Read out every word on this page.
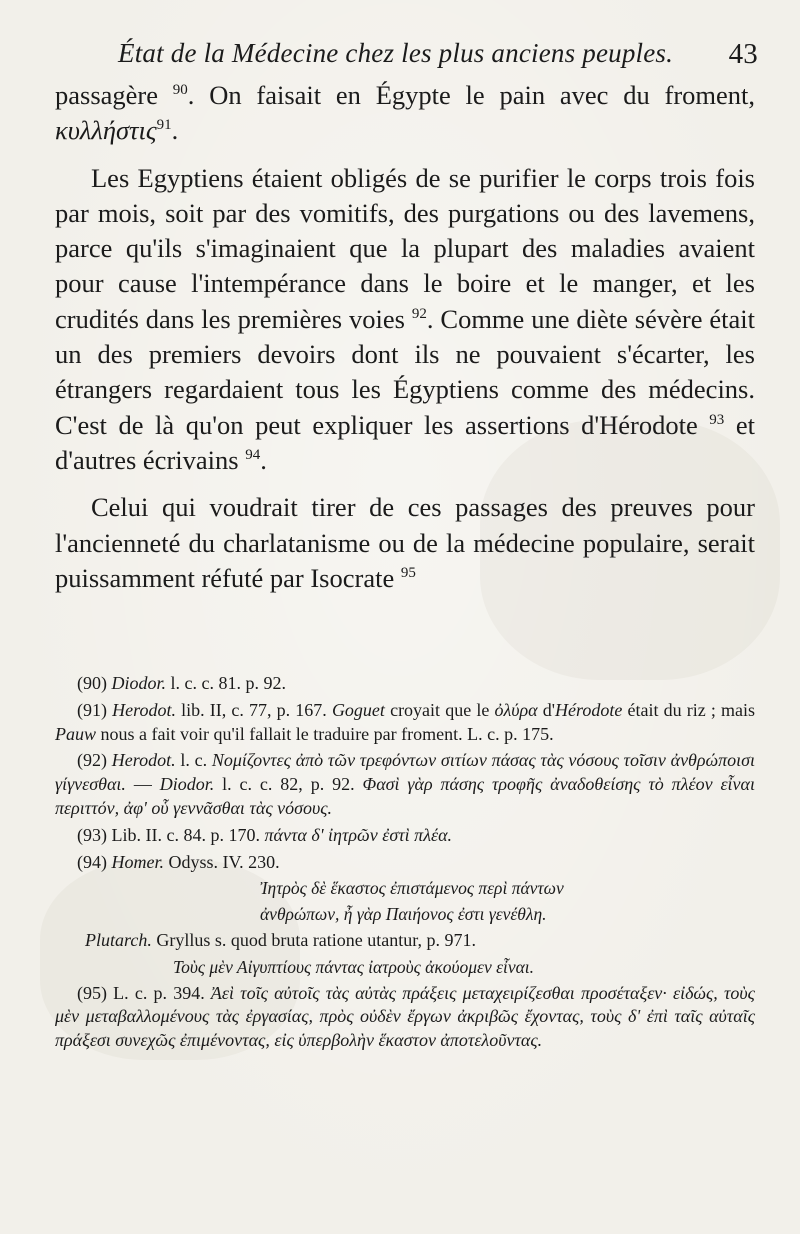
État de la Médecine chez les plus anciens peuples. 43

passagère $^{90}$. On faisait en Égypte le pain avec du froment, κυλλήστις$^{91}$.

Les Egyptiens étaient obligés de se purifier le corps trois fois par mois, soit par des vomitifs, des purgations ou des lavemens, parce qu'ils s'imaginaient que la plupart des maladies avaient pour cause l'intempérance dans le boire et le manger, et les crudités dans les premières voies $^{92}$. Comme une diète sévère était un des premiers devoirs dont ils ne pouvaient s'écarter, les étrangers regardaient tous les Égyptiens comme des médecins. C'est de là qu'on peut expliquer les assertions d'Hérodote $^{93}$ et d'autres écrivains $^{94}$.

Celui qui voudrait tirer de ces passages des preuves pour l'ancienneté du charlatanisme ou de la médecine populaire, serait puissamment réfuté par Isocrate $^{95}$

(90) Diodor. l. c. c. 81. p. 92.

(91) Herodot. lib. II, c. 77, p. 167. Goguet croyait que le ὀλύρα d'Hérodote était du riz ; mais Pauw nous a fait voir qu'il fallait le traduire par froment. L. c. p. 175.

(92) Herodot. l. c. Νομίζοντες ἀπὸ τῶν τρεφόντων σιτίων πάσας τὰς νόσους τοῖσιν ἀνθρώποισι γίγνεσθαι. — Diodor. l. c. c. 82, p. 92. Φασὶ γὰρ πάσης τροφῆς ἀναδοθείσης τὸ πλέον εἶναι περιττόν, ἀφ' οὗ γεννᾶσθαι τὰς νόσους.

(93) Lib. II. c. 84. p. 170. πάντα δ' ἰητρῶν ἐστὶ πλέα.

(94) Homer. Odyss. IV. 230.

Ἰητρὸς δὲ ἕκαστος ἐπιστάμενος περὶ πάντων

ἀνθρώπων, ἦ γὰρ Παιήονος ἐστι γενέθλη.

Plutarch. Gryllus s. quod bruta ratione utantur, p. 971.

Τοὺς μὲν Αἰγυπτίους πάντας ἰατροὺς ἀκούομεν εἶναι.

(95) L. c. p. 394. Ἀεὶ τοῖς αὐτοῖς τὰς αὐτὰς πράξεις μεταχειρίζεσθαι προσέταξεν· εἰδώς, τοὺς μὲν μεταβαλλομένους τὰς ἐργασίας, πρὸς οὐδὲν ἔργων ἀκριβῶς ἔχοντας, τοὺς δ' ἐπὶ ταῖς αὐταῖς πράξεσι συνεχῶς ἐπιμένοντας, εἰς ὑπερβολὴν ἕκαστον ἀποτελοῦντας.
